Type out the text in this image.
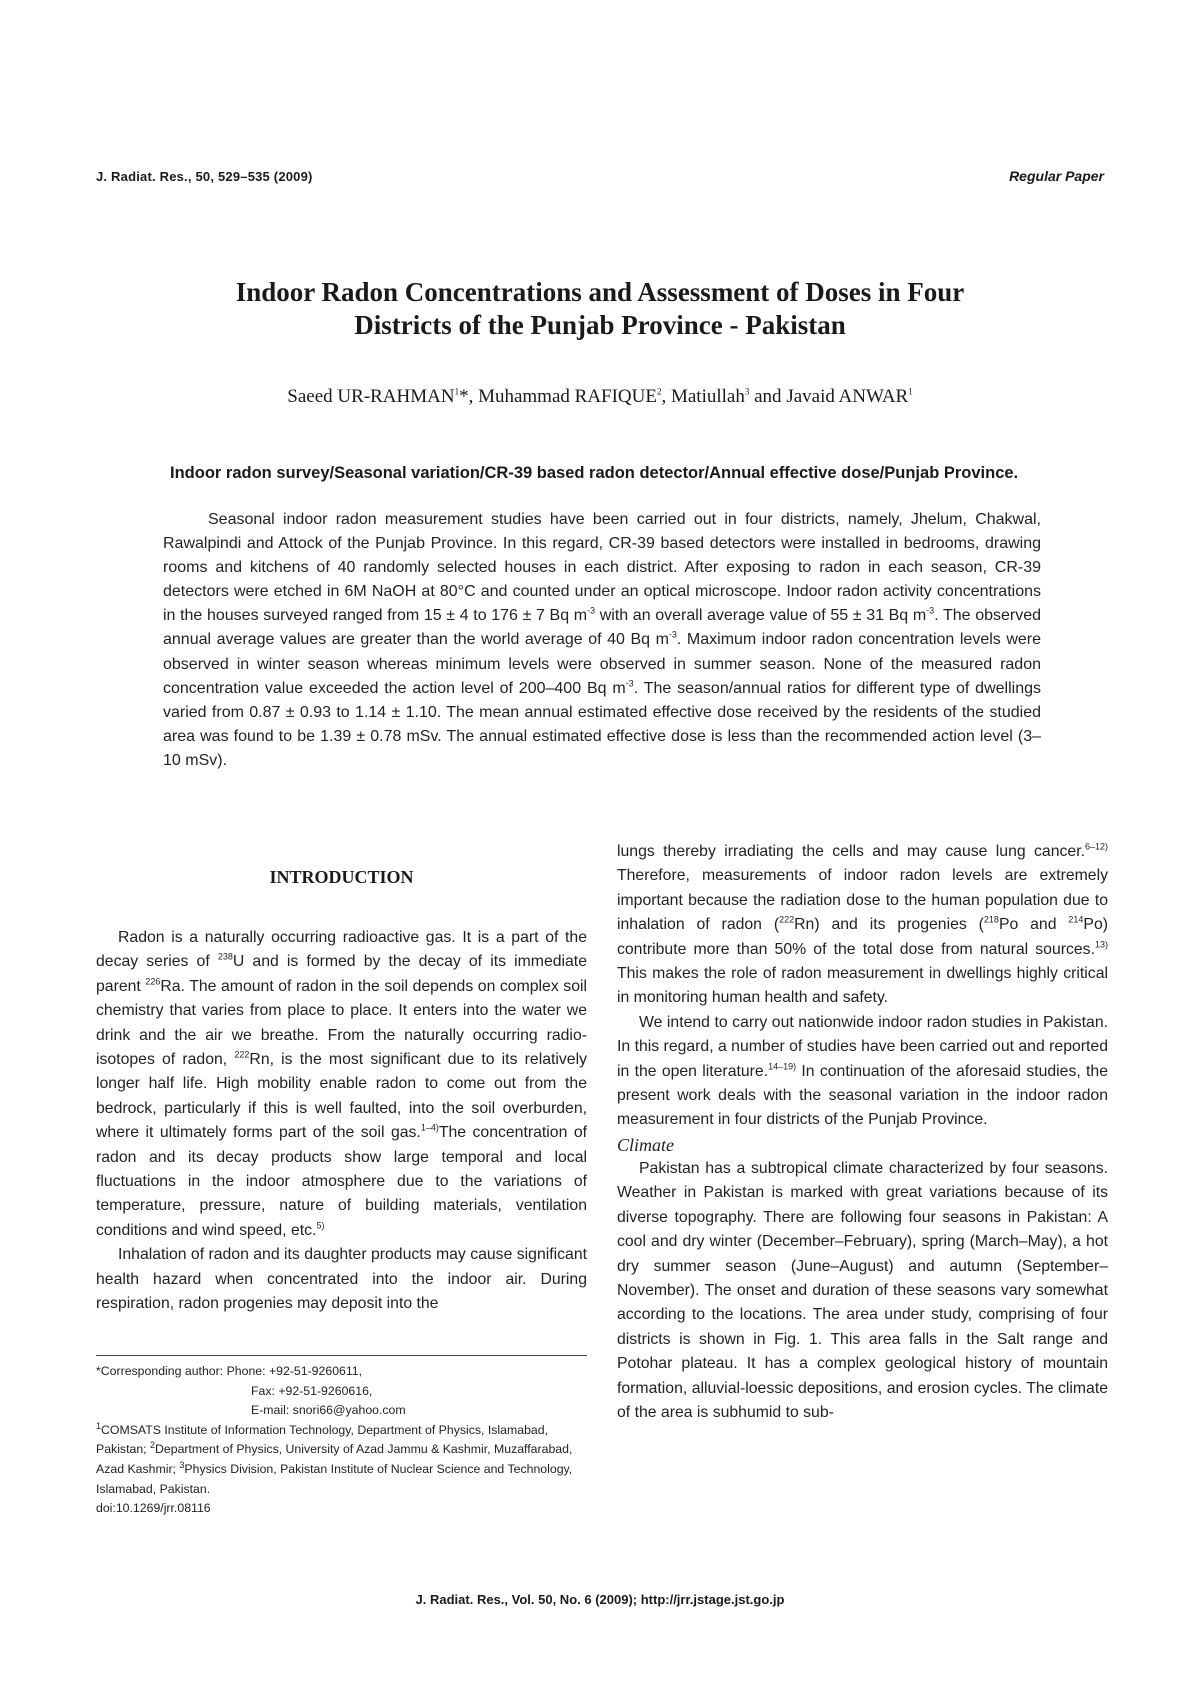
J. Radiat. Res., 50, 529–535 (2009)	Regular Paper
Indoor Radon Concentrations and Assessment of Doses in Four
Districts of the Punjab Province - Pakistan
Saeed UR-RAHMAN$^1$*, Muhammad RAFIQUE$^2$, Matiullah$^3$ and Javaid ANWAR$^1$
Indoor radon survey/Seasonal variation/CR-39 based radon detector/Annual effective dose/Punjab Province.
Seasonal indoor radon measurement studies have been carried out in four districts, namely, Jhelum, Chakwal, Rawalpindi and Attock of the Punjab Province. In this regard, CR-39 based detectors were installed in bedrooms, drawing rooms and kitchens of 40 randomly selected houses in each district. After exposing to radon in each season, CR-39 detectors were etched in 6M NaOH at 80°C and counted under an optical microscope. Indoor radon activity concentrations in the houses surveyed ranged from 15 ± 4 to 176 ± 7 Bq $m^{-3}$ with an overall average value of 55 ± 31 Bq $m^{-3}$. The observed annual average values are greater than the world average of 40 Bq $m^{-3}$. Maximum indoor radon concentration levels were observed in winter season whereas minimum levels were observed in summer season. None of the measured radon concentration value exceeded the action level of 200–400 Bq $m^{-3}$. The season/annual ratios for different type of dwellings varied from 0.87 ± 0.93 to 1.14 ± 1.10. The mean annual estimated effective dose received by the residents of the studied area was found to be 1.39 ± 0.78 mSv. The annual estimated effective dose is less than the recommended action level (3–10 mSv).
INTRODUCTION

Radon is a naturally occurring radioactive gas. It is a part of the decay series of $^{238}$U and is formed by the decay of its immediate parent $^{226}$Ra. The amount of radon in the soil depends on complex soil chemistry that varies from place to place. It enters into the water we drink and the air we breathe. From the naturally occurring radio-isotopes of radon, $^{222}$Rn, is the most significant due to its relatively longer half life. High mobility enable radon to come out from the bedrock, particularly if this is well faulted, into the soil overburden, where it ultimately forms part of the soil gas.$^{1-4)}$The concentration of radon and its decay products show large temporal and local fluctuations in the indoor atmosphere due to the variations of temperature, pressure, nature of building materials, ventilation conditions and wind speed, etc.$^{5)}$

Inhalation of radon and its daughter products may cause significant health hazard when concentrated into the indoor air. During respiration, radon progenies may deposit into the

*Corresponding author: Phone: +92-51-9260611,
Fax: +92-51-9260616,
E-mail: snori66@yahoo.com
$^1$COMSATS Institute of Information Technology, Department of Physics, Islamabad, Pakistan; $^2$Department of Physics, University of Azad Jammu & Kashmir, Muzaffarabad, Azad Kashmir; $^3$Physics Division, Pakistan Institute of Nuclear Science and Technology, Islamabad, Pakistan.
doi:10.1269/jrr.08116

lungs thereby irradiating the cells and may cause lung cancer.$^{6-12)}$ Therefore, measurements of indoor radon levels are extremely important because the radiation dose to the human population due to inhalation of radon ($^{222}$Rn) and its progenies ($^{218}$Po and $^{214}$Po) contribute more than 50% of the total dose from natural sources.$^{13)}$ This makes the role of radon measurement in dwellings highly critical in monitoring human health and safety.

We intend to carry out nationwide indoor radon studies in Pakistan. In this regard, a number of studies have been carried out and reported in the open literature.$^{14-19)}$ In continuation of the aforesaid studies, the present work deals with the seasonal variation in the indoor radon measurement in four districts of the Punjab Province.

Climate

Pakistan has a subtropical climate characterized by four seasons. Weather in Pakistan is marked with great variations because of its diverse topography. There are following four seasons in Pakistan: A cool and dry winter (December–February), spring (March–May), a hot dry summer season (June–August) and autumn (September–November). The onset and duration of these seasons vary somewhat according to the locations. The area under study, comprising of four districts is shown in Fig. 1. This area falls in the Salt range and Potohar plateau. It has a complex geological history of mountain formation, alluvial-loessic depositions, and erosion cycles. The climate of the area is subhumid to sub-

J. Radiat. Res., Vol. 50, No. 6 (2009); http://jrr.jstage.jst.go.jp
